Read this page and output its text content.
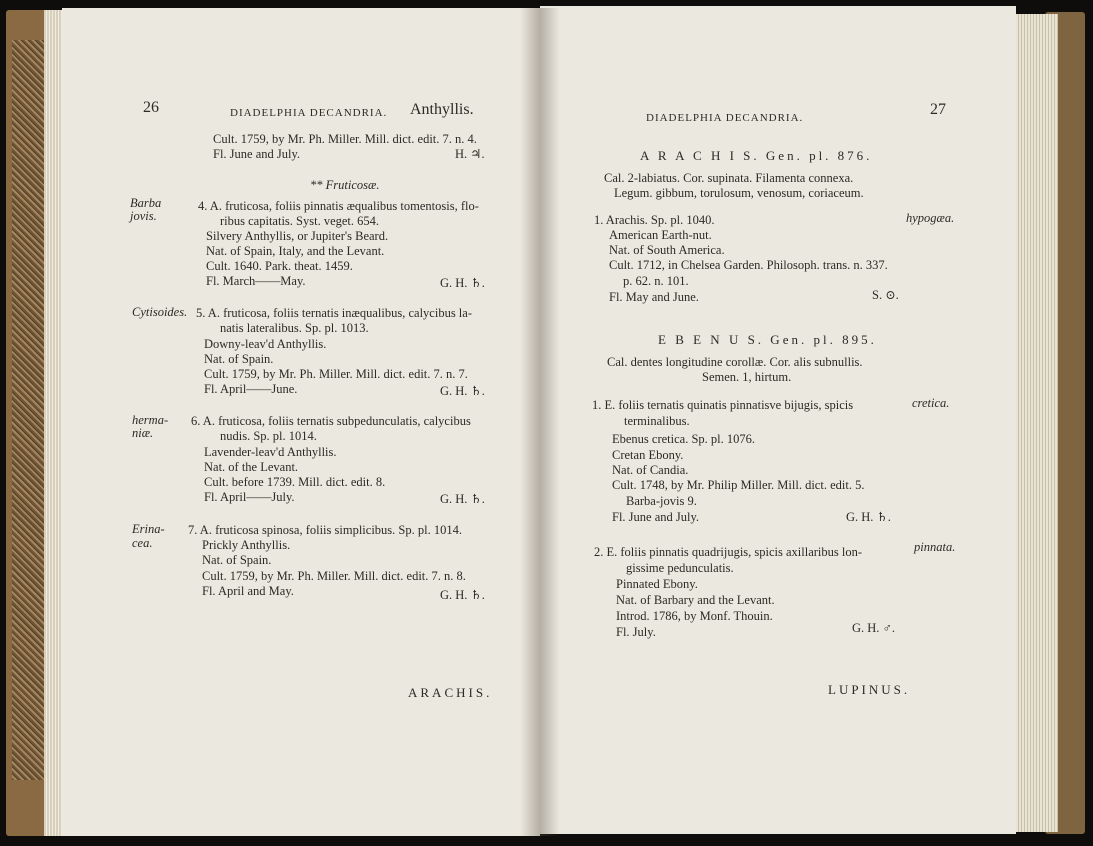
26	DIADELPHIA DECANDRIA. Anthyllis.
Cult. 1759, by Mr. Ph. Miller. Mill. dict. edit. 7. n. 4.
Fl. June and July.	H. ♃.
** Fruticosæ.
Barba
jovis.
4. A. fruticosa, foliis pinnatis æqualibus tomentosis, flo-
ribus capitatis. Syst. veget. 654.
Silvery Anthyllis, or Jupiter's Beard.
Nat. of Spain, Italy, and the Levant.
Cult. 1640. Park. theat. 1459.
Fl. March——May.	G. H. ♄.
Cytisoides. 5. A. fruticosa, foliis ternatis inæqualibus, calycibus la-
natis lateralibus. Sp. pl. 1013.
Downy-leav'd Anthyllis.
Nat. of Spain.
Cult. 1759, by Mr. Ph. Miller. Mill. dict. edit. 7. n. 7.
Fl. April——June.	G. H. ♄.
herma-
niæ.
6. A. fruticosa, foliis ternatis subpedunculatis, calycibus
nudis. Sp. pl. 1014.
Lavender-leav'd Anthyllis.
Nat. of the Levant.
Cult. before 1739. Mill. dict. edit. 8.
Fl. April——July.	G. H. ♄.
Erina-
cea.
7. A. fruticosa spinosa, foliis simplicibus. Sp. pl. 1014.
Prickly Anthyllis.
Nat. of Spain.
Cult. 1759, by Mr. Ph. Miller. Mill. dict. edit. 7. n. 8.
Fl. April and May.	G. H. ♄.
ARACHIS.
DIADELPHIA DECANDRIA.	27
A R A C H I S. Gen. pl. 876.
Cal. 2-labiatus. Cor. supinata. Filamenta connexa.
Legum. gibbum, torulosum, venosum, coriaceum.
1. Arachis. Sp. pl. 1040.	hypogæa.
American Earth-nut.
Nat. of South America.
Cult. 1712, in Chelsea Garden. Philosoph. trans. n. 337.
p. 62. n. 101.
Fl. May and June.	S. ⊙.
E B E N U S. Gen. pl. 895.
Cal. dentes longitudine corollæ. Cor. alis subnullis.
Semen. 1, hirtum.
1. E. foliis ternatis quinatis pinnatisve bijugis, spicis	cretica.
terminalibus.
Ebenus cretica. Sp. pl. 1076.
Cretan Ebony.
Nat. of Candia.
Cult. 1748, by Mr. Philip Miller. Mill. dict. edit. 5.
Barba-jovis 9.
Fl. June and July.	G. H. ♄.
2. E. foliis pinnatis quadrijugis, spicis axillaribus lon-	pinnata.
gissime pedunculatis.
Pinnated Ebony.
Nat. of Barbary and the Levant.
Introd. 1786, by Monf. Thouin.
Fl. July.	G. H. ♂.
LUPINUS.
